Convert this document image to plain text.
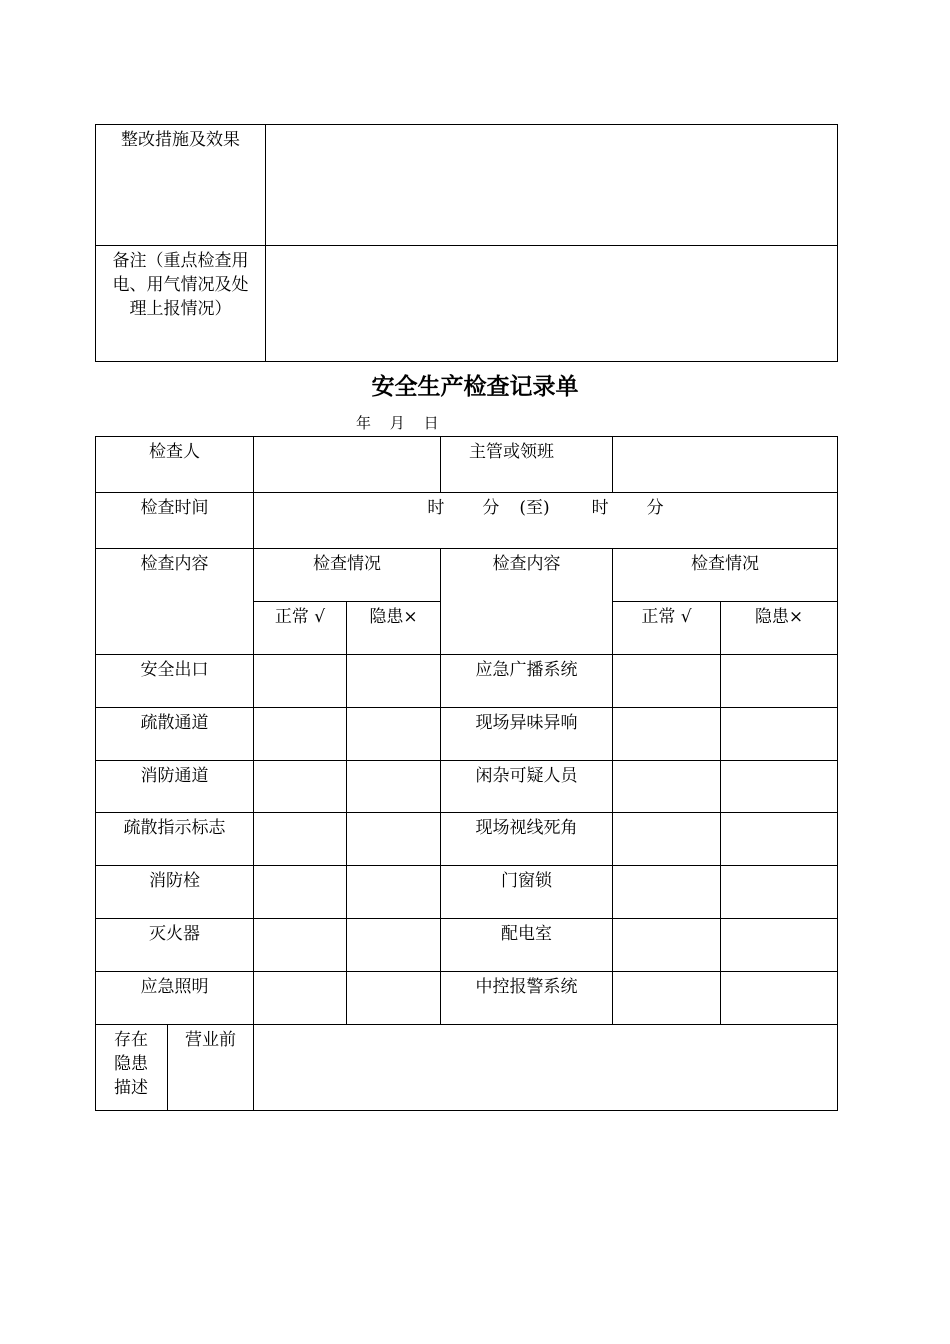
整改措施及效果	

备注（重点检查用电、用气情况及处理上报情况）	

安全生产检查记录单
年 月 日
检查人				主管或领班		

检查时间		时 分 (至) 时 分				

检查内容		检查情况		检查内容	检查情况	

		正常 √	隐患×		正常 √	隐患×

安全出口				应急广播系统		

疏散通道				现场异味异响		

消防通道				闲杂可疑人员		

疏散指示标志				现场视线死角		

消防栓				门窗锁		

灭火器				配电室		

应急照明				中控报警系统		

存在隐患描述	营业前					
